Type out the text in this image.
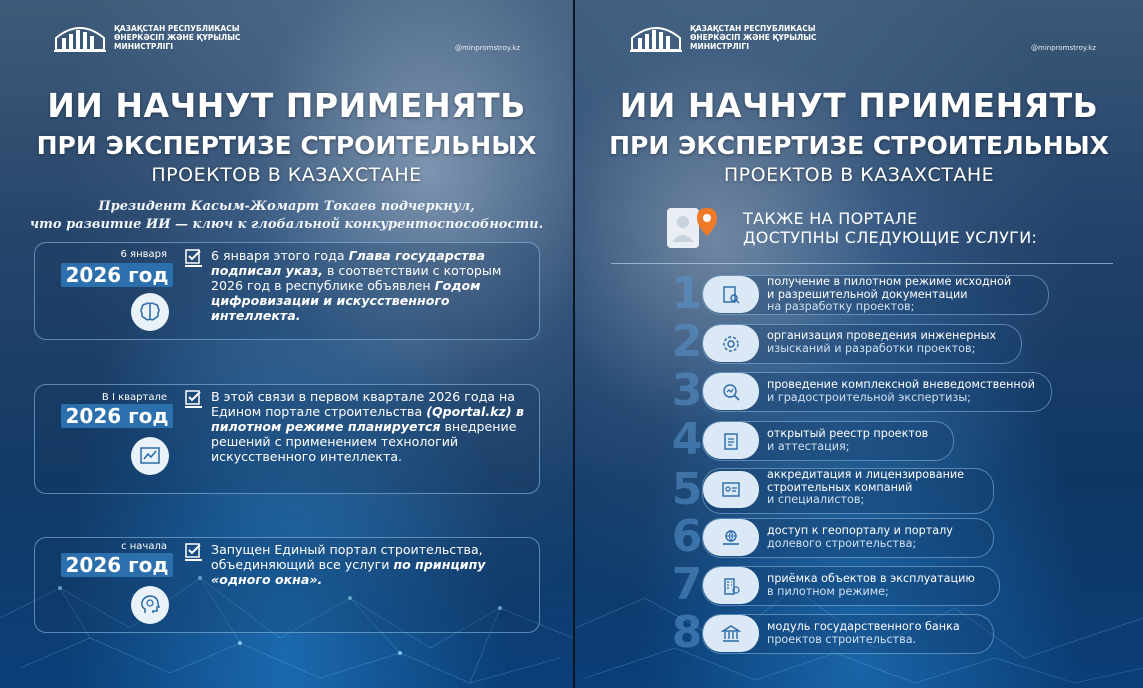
ҚАЗАҚСТАН РЕСПУБЛИКАСЫ
ӨНЕРКӘСІП ЖӘНЕ ҚҰРЫЛЫС
МИНИСТРЛІГІ	@minpromstroy.kz
ИИ НАЧНУТ ПРИМЕНЯТЬ
ПРИ ЭКСПЕРТИЗЕ СТРОИТЕЛЬНЫХ
ПРОЕКТОВ В КАЗАХСТАНЕ
Президент Касым-Жомарт Токаев подчеркнул,
что развитие ИИ — ключ к глобальной конкурентоспособности.
6 января
2026 год
6 января этого года Глава государства подписал указ, в соответствии с которым 2026 год в республике объявлен Годом цифровизации и искусственного интеллекта.
В I квартале
2026 год
В этой связи в первом квартале 2026 года на Едином портале строительства (Qportal.kz) в пилотном режиме планируется внедрение решений с применением технологий искусственного интеллекта.
с начала
2026 год
Запущен Единый портал строительства, объединяющий все услуги по принципу «одного окна».
ҚАЗАҚСТАН РЕСПУБЛИКАСЫ
ӨНЕРКӘСІП ЖӘНЕ ҚҰРЫЛЫС
МИНИСТРЛІГІ	@minpromstroy.kz
ИИ НАЧНУТ ПРИМЕНЯТЬ
ПРИ ЭКСПЕРТИЗЕ СТРОИТЕЛЬНЫХ
ПРОЕКТОВ В КАЗАХСТАНЕ
ТАКЖЕ НА ПОРТАЛЕ
ДОСТУПНЫ СЛЕДУЮЩИЕ УСЛУГИ:
1	получение в пилотном режиме исходной
и разрешительной документации
на разработку проектов;
2	организация проведения инженерных
изысканий и разработки проектов;
3	проведение комплексной вневедомственной
и градостроительной экспертизы;
4	открытый реестр проектов
и аттестация;
5	аккредитация и лицензирование
строительных компаний
и специалистов;
6	доступ к геопорталу и порталу
долевого строительства;
7	приёмка объектов в эксплуатацию
в пилотном режиме;
8	модуль государственного банка
проектов строительства.
